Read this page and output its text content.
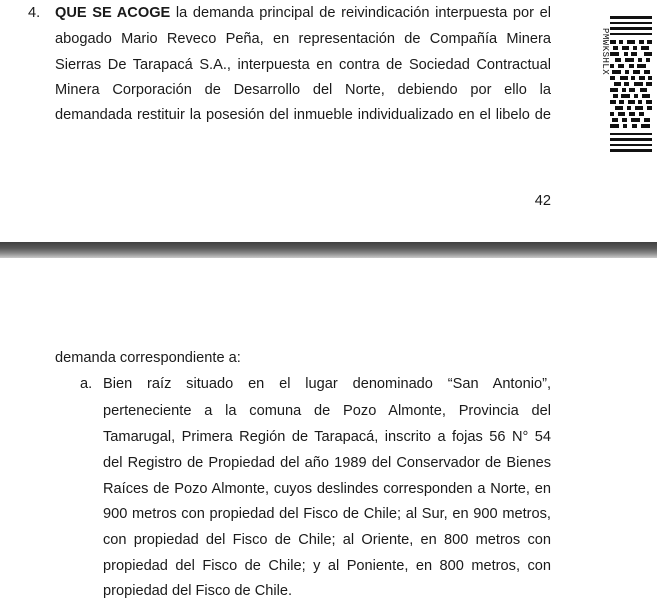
4. QUE SE ACOGE la demanda principal de reivindicación interpuesta por el
abogado Mario Reveco Peña, en representación de Compañía Minera
Sierras De Tarapacá S.A., interpuesta en contra de Sociedad Contractual
Minera Corporación de Desarrollo del Norte, debiendo por ello la
demandada restituir la posesión del inmueble individualizado en el libelo de
42
PMWKSHLX
demanda correspondiente a:
a. Bien raíz situado en el lugar denominado “San Antonio”,
perteneciente a la comuna de Pozo Almonte, Provincia del
Tamarugal, Primera Región de Tarapacá, inscrito a fojas 56 N° 54
del Registro de Propiedad del año 1989 del Conservador de Bienes
Raíces de Pozo Almonte, cuyos deslindes corresponden a Norte, en
900 metros con propiedad del Fisco de Chile; al Sur, en 900 metros,
con propiedad del Fisco de Chile; al Oriente, en 800 metros con
propiedad del Fisco de Chile; y al Poniente, en 800 metros, con
propiedad del Fisco de Chile.
